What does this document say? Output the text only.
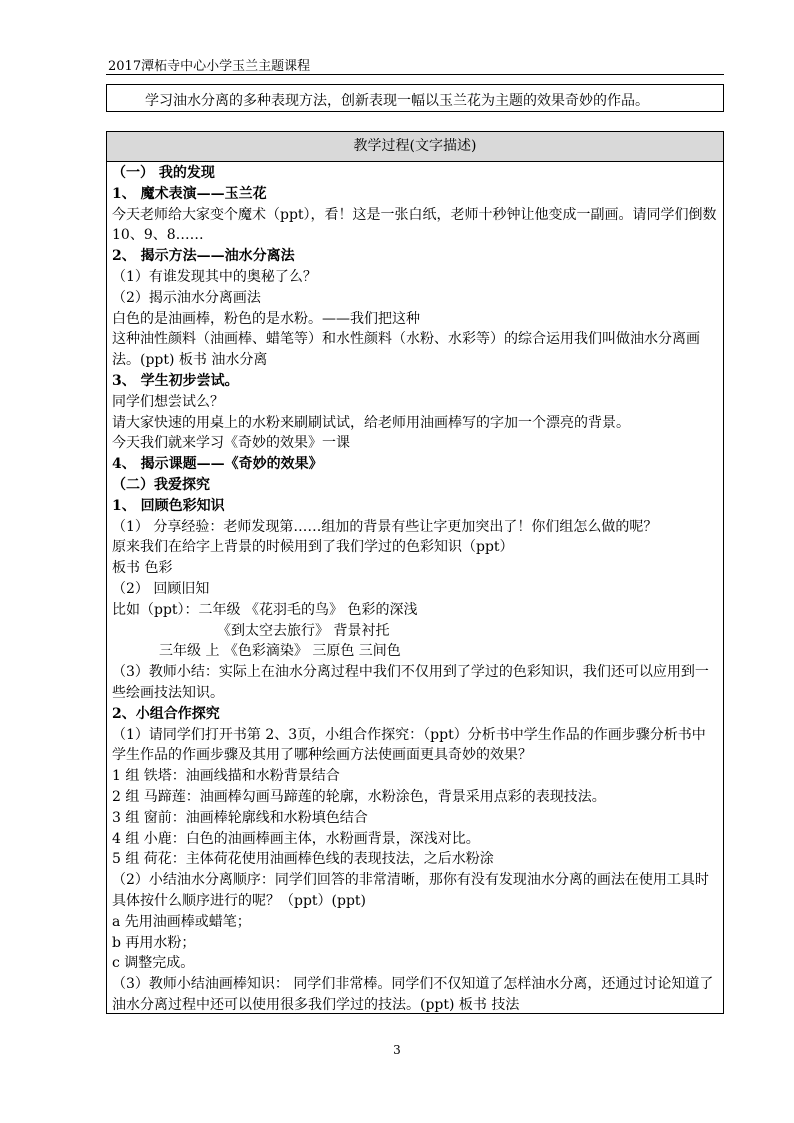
2017潭柘寺中心小学玉兰主题课程
学习油水分离的多种表现方法，创新表现一幅以玉兰花为主题的效果奇妙的作品。
教学过程(文字描述)
（一） 我的发现
1、 魔术表演——玉兰花
今天老师给大家变个魔术（ppt），看！这是一张白纸，老师十秒钟让他变成一副画。请同学们倒数
10、9、8……
2、 揭示方法——油水分离法
（1）有谁发现其中的奥秘了么？
（2）揭示油水分离画法
白色的是油画棒，粉色的是水粉。——我们把这种
这种油性颜料（油画棒、蜡笔等）和水性颜料（水粉、水彩等）的综合运用我们叫做油水分离画
法。(ppt) 板书 油水分离
3、 学生初步尝试。
同学们想尝试么？
请大家快速的用桌上的水粉来刷刷试试，给老师用油画棒写的字加一个漂亮的背景。
今天我们就来学习《奇妙的效果》一课
4、 揭示课题——《奇妙的效果》
（二）我爱探究
1、 回顾色彩知识
（1） 分享经验：老师发现第……组加的背景有些让字更加突出了！你们组怎么做的呢？
原来我们在给字上背景的时候用到了我们学过的色彩知识（ppt）
板书 色彩
（2） 回顾旧知
比如（ppt）：二年级 《花羽毛的鸟》 色彩的深浅
《到太空去旅行》 背景衬托
三年级 上 《色彩滴染》 三原色 三间色
（3）教师小结：实际上在油水分离过程中我们不仅用到了学过的色彩知识，我们还可以应用到一
些绘画技法知识。
2、小组合作探究
（1）请同学们打开书第 2、3页，小组合作探究：（ppt）分析书中学生作品的作画步骤分析书中
学生作品的作画步骤及其用了哪种绘画方法使画面更具奇妙的效果？
1 组 铁塔：油画线描和水粉背景结合
2 组 马蹄莲：油画棒勾画马蹄莲的轮廓，水粉涂色，背景采用点彩的表现技法。
3 组 窗前：油画棒轮廓线和水粉填色结合
4 组 小鹿：白色的油画棒画主体，水粉画背景，深浅对比。
5 组 荷花：主体荷花使用油画棒色线的表现技法，之后水粉涂
（2）小结油水分离顺序：同学们回答的非常清晰，那你有没有发现油水分离的画法在使用工具时
具体按什么顺序进行的呢？（ppt）(ppt)
a 先用油画棒或蜡笔；
b 再用水粉；
c 调整完成。
（3）教师小结油画棒知识： 同学们非常棒。同学们不仅知道了怎样油水分离，还通过讨论知道了
油水分离过程中还可以使用很多我们学过的技法。(ppt) 板书 技法
3
